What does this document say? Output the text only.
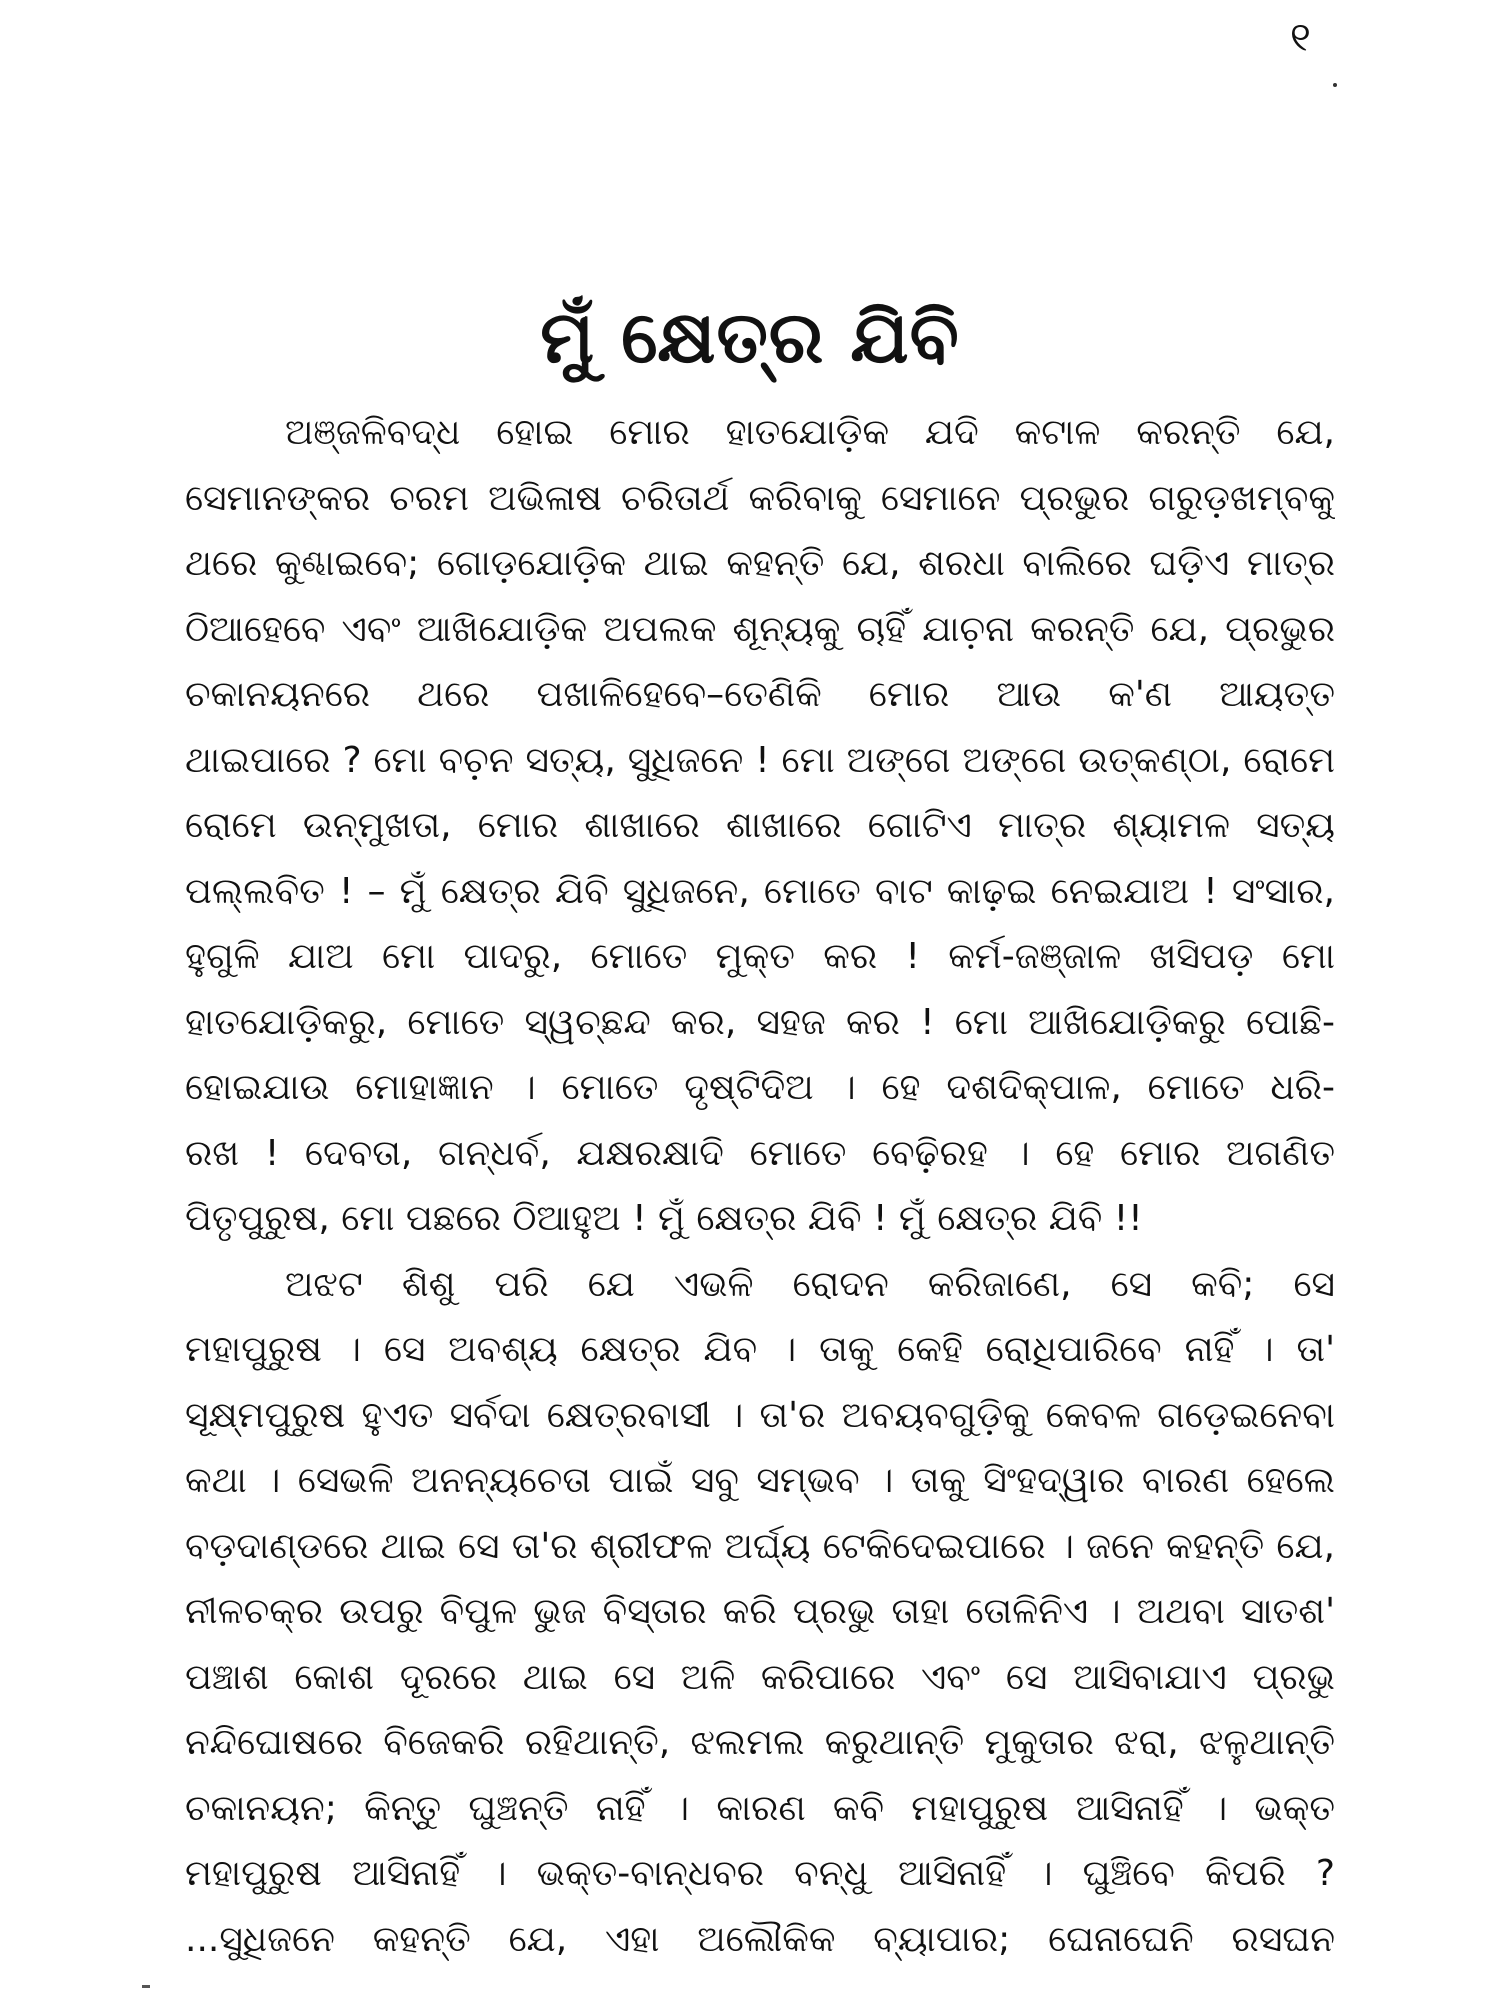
୧
ମୁଁ କ୍ଷେତ୍ର ଯିବି
ଅଞ୍ଜଳିବଦ୍ଧ ହୋଇ ମୋର ହାତଯୋଡ଼ିକ ଯଦି କଟାଳ କରନ୍ତି ଯେ,
ସେମାନଙ୍କର ଚରମ ଅଭିଳାଷ ଚରିତାର୍ଥ କରିବାକୁ ସେମାନେ ପ୍ରଭୁର ଗରୁଡ଼ଖମ୍ବକୁ
ଥରେ କୁଣ୍ଢାଇବେ; ଗୋଡ଼ଯୋଡ଼ିକ ଥାଇ କହନ୍ତି ଯେ, ଶରଧା ବାଲିରେ ଘଡ଼ିଏ ମାତ୍ର
ଠିଆହେବେ ଏବଂ ଆଖିଯୋଡ଼ିକ ଅପଲକ ଶୂନ୍ୟକୁ ଚାହିଁ ଯାଚ଼ନା କରନ୍ତି ଯେ, ପ୍ରଭୁର
ଚକାନୟନରେ ଥରେ ପଖାଳିହେବେ–ତେଣିକି ମୋର ଆଉ କ'ଣ ଆୟତ୍ତ
ଥାଇପାରେ ? ମୋ ବଚ଼ନ ସତ୍ୟ, ସୁଧିଜନେ ! ମୋ ଅଙ୍ଗେ ଅଙ୍ଗେ ଉତ୍କଣ୍ଠା, ରୋମେ
ରୋମେ ଉନ୍ମୁଖତା, ମୋର ଶାଖାରେ ଶାଖାରେ ଗୋଟିଏ ମାତ୍ର ଶ୍ୟାମଳ ସତ୍ୟ
ପଲ୍ଲବିତ ! – ମୁଁ କ୍ଷେତ୍ର ଯିବି ସୁଧିଜନେ, ମୋତେ ବାଟ କାଢ଼ଇ ନେଇଯାଅ ! ସଂସାର,
ହୁଗୁଳି ଯାଅ ମୋ ପାଦରୁ, ମୋତେ ମୁକ୍ତ କର ! କର୍ମ-ଜଞ୍ଜାଳ ଖସିପଡ଼ ମୋ
ହାତଯୋଡ଼ିକରୁ, ମୋତେ ସ୍ୱଚ୍ଛନ୍ଦ କର, ସହଜ କର ! ମୋ ଆଖିଯୋଡ଼ିକରୁ ପୋଛି-
ହୋଇଯାଉ ମୋହାଜ୍ଞାନ । ମୋତେ ଦୃଷ୍ଟିଦିଅ । ହେ ଦଶଦିକ୍‌ପାଳ, ମୋତେ ଧରି-
ରଖ ! ଦେବତା, ଗନ୍ଧର୍ବ, ଯକ୍ଷରକ୍ଷାଦି ମୋତେ ବେଢ଼ିରହ । ହେ ମୋର ଅଗଣିତ
ପିତୃପୁରୁଷ, ମୋ ପଛରେ ଠିଆହୁଅ ! ମୁଁ କ୍ଷେତ୍ର ଯିବି ! ମୁଁ କ୍ଷେତ୍ର ଯିବି !!
ଅଝଟ ଶିଶୁ ପରି ଯେ ଏଭଳି ରୋଦନ କରିଜାଣେ, ସେ କବି; ସେ
ମହାପୁରୁଷ । ସେ ଅବଶ୍ୟ କ୍ଷେତ୍ର ଯିବ । ତାକୁ କେହି ରୋଧିପାରିବେ ନାହିଁ । ତା'
ସୂକ୍ଷ୍ମପୁରୁଷ ହୁଏତ ସର୍ବଦା କ୍ଷେତ୍ରବାସୀ । ତା'ର ଅବୟବଗୁଡ଼ିକୁ କେବଳ ଗଡ଼େଇନେବା
କଥା । ସେଭଳି ଅନନ୍ୟଚେତା ପାଇଁ ସବୁ ସମ୍ଭବ । ତାକୁ ସିଂହଦ୍ୱାର ବାରଣ ହେଲେ
ବଡ଼ଦାଣ୍ଡରେ ଥାଇ ସେ ତା'ର ଶ୍ରୀଫଳ ଅର୍ଘ୍ୟ ଟେକିଦେଇପାରେ । ଜନେ କହନ୍ତି ଯେ,
ନୀଳଚକ୍ର ଉପରୁ ବିପୁଳ ଭୁଜ ବିସ୍ତାର କରି ପ୍ରଭୁ ତାହା ତୋଳିନିଏ । ଅଥବା ସାତଶ'
ପଞ୍ଚାଶ କୋଶ ଦୂରରେ ଥାଇ ସେ ଅଳି କରିପାରେ ଏବଂ ସେ ଆସିବାଯାଏ ପ୍ରଭୁ
ନନ୍ଦିଘୋଷରେ ବିଜେକରି ରହିଥାନ୍ତି, ଝଲମଲ କରୁଥାନ୍ତି ମୁକୁତାର ଝରା, ଝଳୁଥାନ୍ତି
ଚକାନୟନ; କିନ୍ତୁ ଘୁଞ୍ଚନ୍ତି ନାହିଁ । କାରଣ କବି ମହାପୁରୁଷ ଆସିନାହିଁ । ଭକ୍ତ
ମହାପୁରୁଷ ଆସିନାହିଁ । ଭକ୍ତ-ବାନ୍ଧବର ବନ୍ଧୁ ଆସିନାହିଁ । ଘୁଞ୍ଚିବେ କିପରି ?
...ସୁଧିଜନେ କହନ୍ତି ଯେ, ଏହା ଅଲୌକିକ ବ୍ୟାପାର; ଘେନାଘେନି ରସଘନ
